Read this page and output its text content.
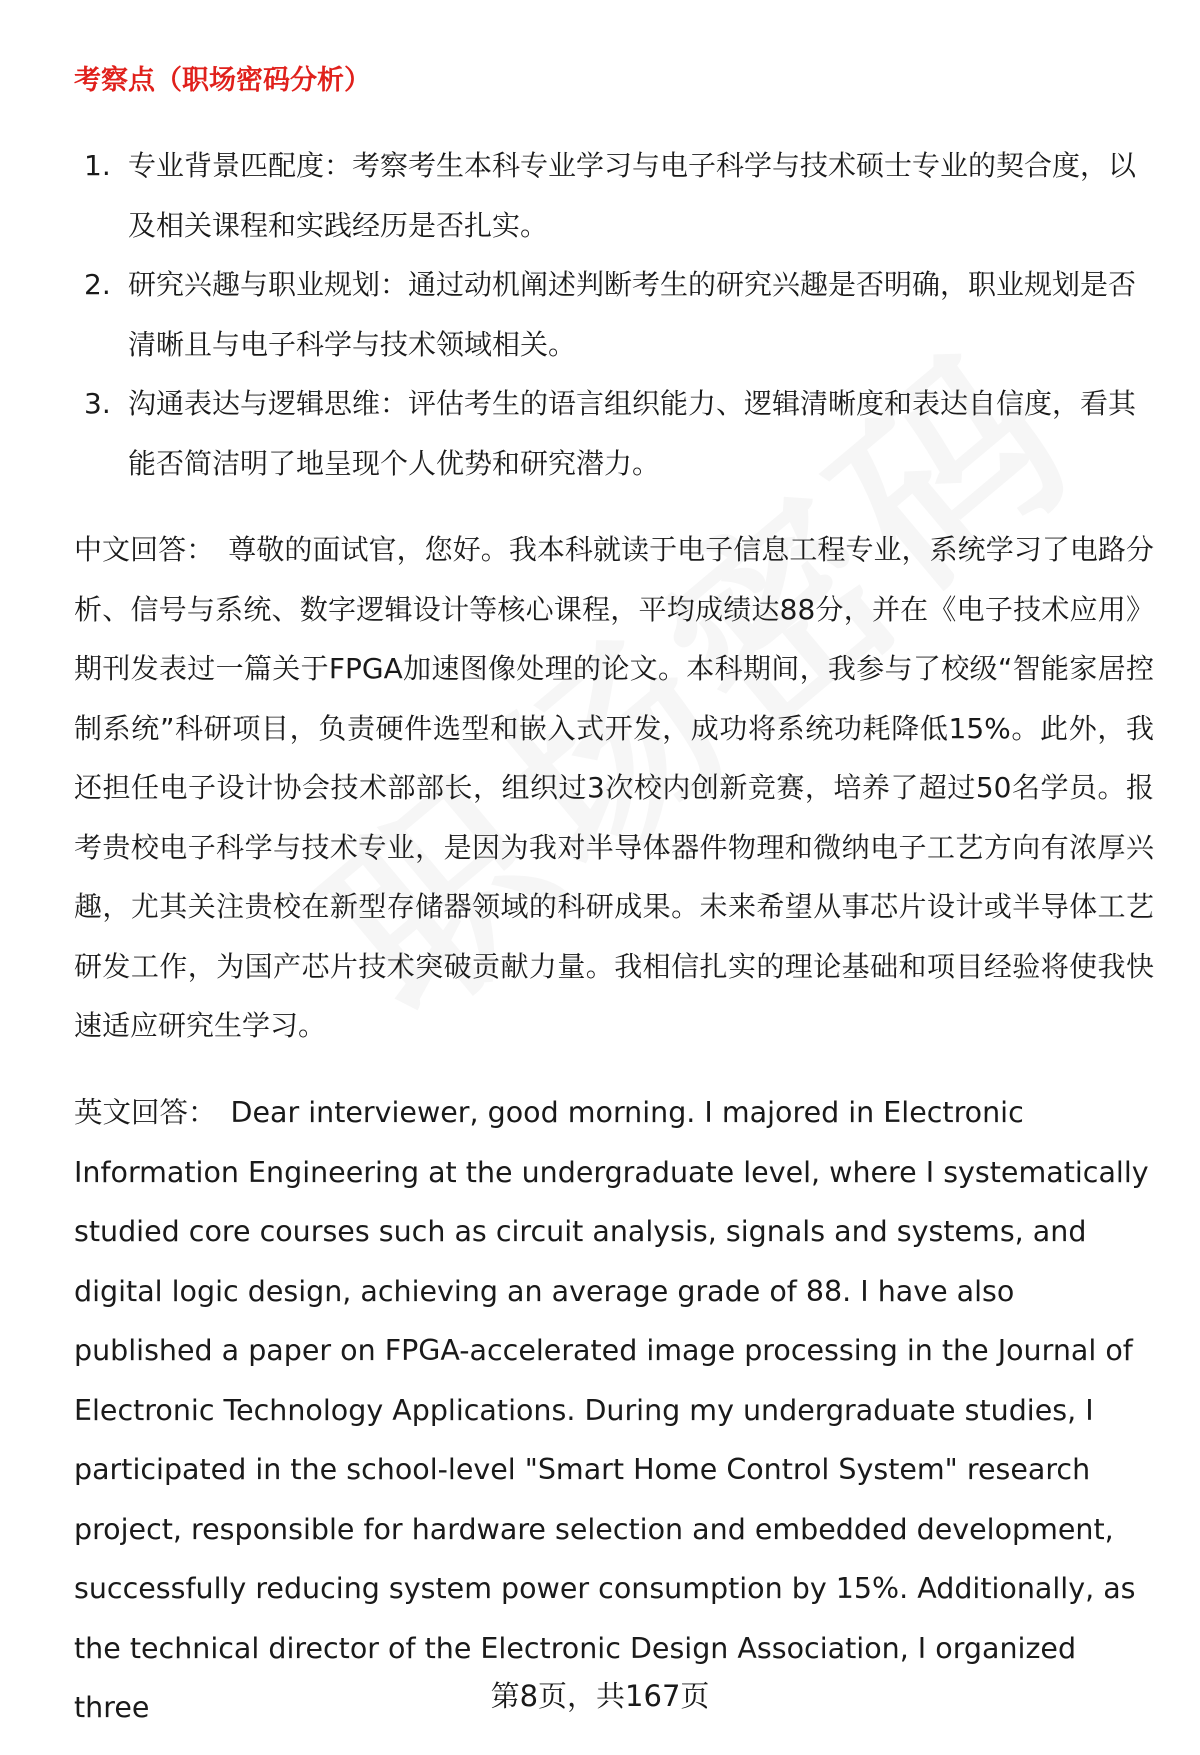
考察点（职场密码分析）
1. 专业背景匹配度：考察考生本科专业学习与电子科学与技术硕士专业的契合度，以及相关课程和实践经历是否扎实。
2. 研究兴趣与职业规划：通过动机阐述判断考生的研究兴趣是否明确，职业规划是否清晰且与电子科学与技术领域相关。
3. 沟通表达与逻辑思维：评估考生的语言组织能力、逻辑清晰度和表达自信度，看其能否简洁明了地呈现个人优势和研究潜力。

中文回答： 尊敬的面试官，您好。我本科就读于电子信息工程专业，系统学习了电路分析、信号与系统、数字逻辑设计等核心课程，平均成绩达88分，并在《电子技术应用》期刊发表过一篇关于FPGA加速图像处理的论文。本科期间，我参与了校级“智能家居控制系统”科研项目，负责硬件选型和嵌入式开发，成功将系统功耗降低15%。此外，我还担任电子设计协会技术部部长，组织过3次校内创新竞赛，培养了超过50名学员。报考贵校电子科学与技术专业，是因为我对半导体器件物理和微纳电子工艺方向有浓厚兴趣，尤其关注贵校在新型存储器领域的科研成果。未来希望从事芯片设计或半导体工艺研发工作，为国产芯片技术突破贡献力量。我相信扎实的理论基础和项目经验将使我快速适应研究生学习。

英文回答： Dear interviewer, good morning. I majored in Electronic Information Engineering at the undergraduate level, where I systematically studied core courses such as circuit analysis, signals and systems, and digital logic design, achieving an average grade of 88. I have also published a paper on FPGA-accelerated image processing in the Journal of Electronic Technology Applications. During my undergraduate studies, I participated in the school-level "Smart Home Control System" research project, responsible for hardware selection and embedded development, successfully reducing system power consumption by 15%. Additionally, as the technical director of the Electronic Design Association, I organized three	第8页，共167页
